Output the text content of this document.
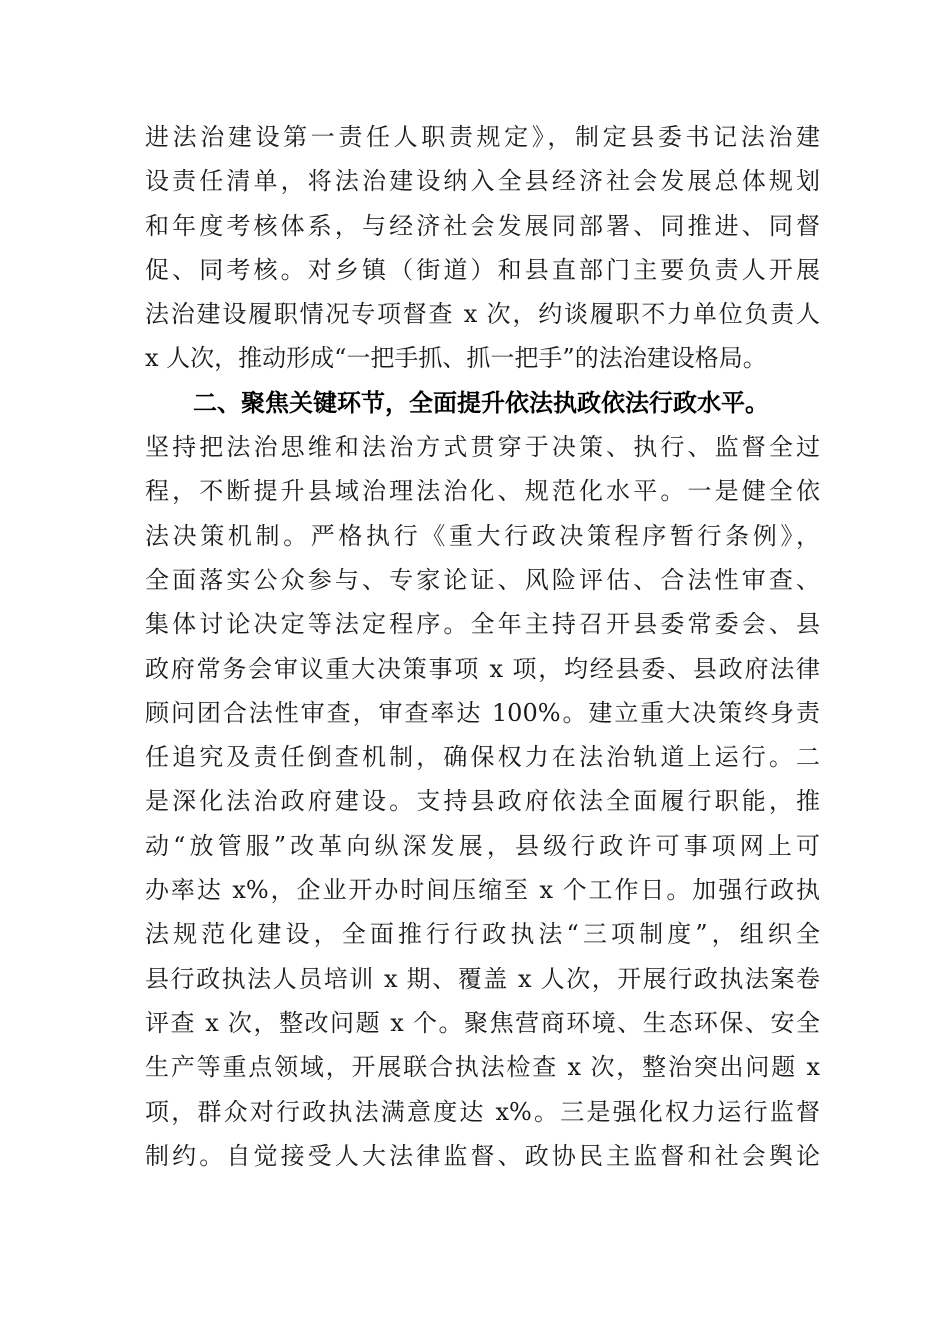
进法治建设第一责任人职责规定》，制定县委书记法治建
设责任清单，将法治建设纳入全县经济社会发展总体规划
和年度考核体系，与经济社会发展同部署、同推进、同督
促、同考核。对乡镇（街道）和县直部门主要负责人开展
法治建设履职情况专项督查 x 次，约谈履职不力单位负责人
x 人次，推动形成“一把手抓、抓一把手”的法治建设格局。
二、聚焦关键环节，全面提升依法执政依法行政水平。
坚持把法治思维和法治方式贯穿于决策、执行、监督全过
程，不断提升县域治理法治化、规范化水平。一是健全依
法决策机制。严格执行《重大行政决策程序暂行条例》，
全面落实公众参与、专家论证、风险评估、合法性审查、
集体讨论决定等法定程序。全年主持召开县委常委会、县
政府常务会审议重大决策事项 x 项，均经县委、县政府法律
顾问团合法性审查，审查率达 100%。建立重大决策终身责
任追究及责任倒查机制，确保权力在法治轨道上运行。二
是深化法治政府建设。支持县政府依法全面履行职能，推
动“放管服”改革向纵深发展，县级行政许可事项网上可
办率达 x%，企业开办时间压缩至 x 个工作日。加强行政执
法规范化建设，全面推行行政执法“三项制度”，组织全
县行政执法人员培训 x 期、覆盖 x 人次，开展行政执法案卷
评查 x 次，整改问题 x 个。聚焦营商环境、生态环保、安全
生产等重点领域，开展联合执法检查 x 次，整治突出问题 x
项，群众对行政执法满意度达 x%。三是强化权力运行监督
制约。自觉接受人大法律监督、政协民主监督和社会舆论
